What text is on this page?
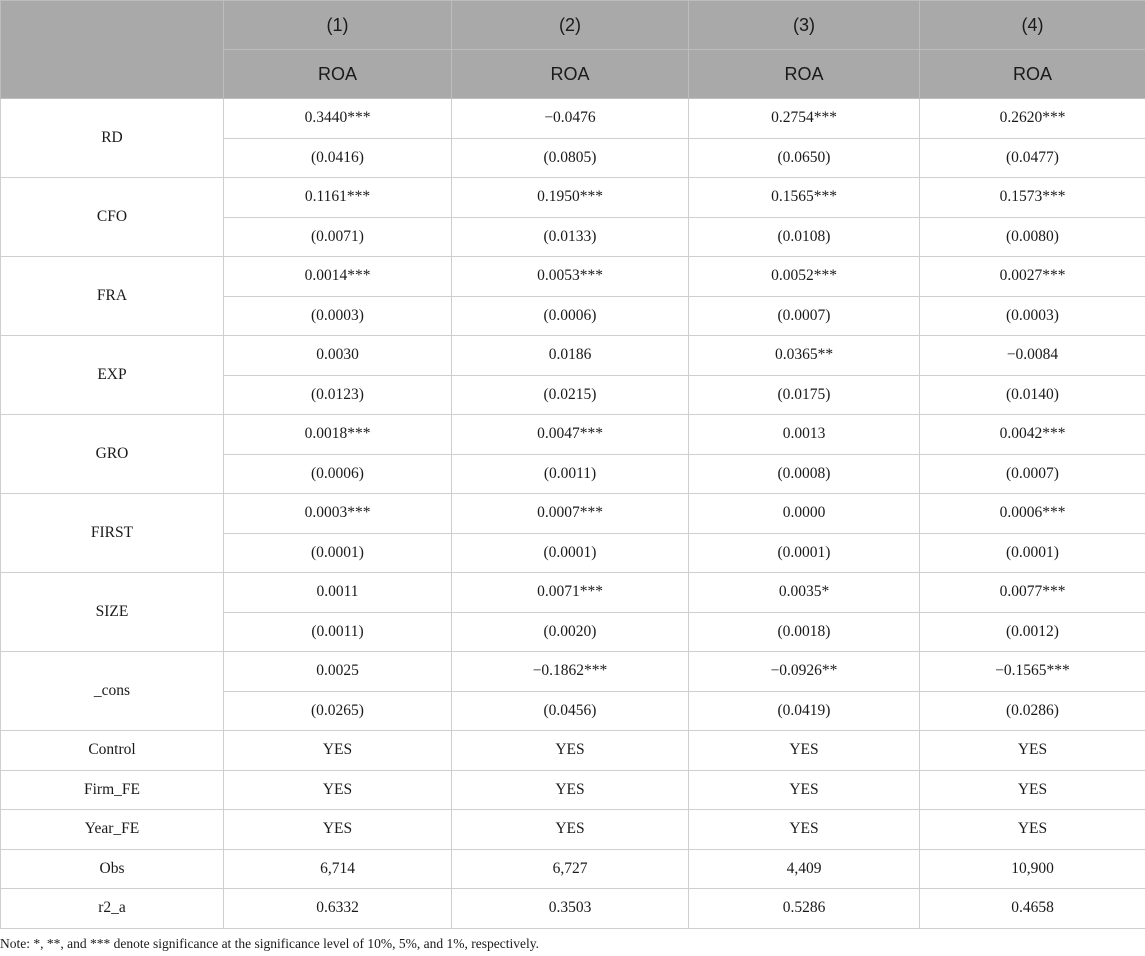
	(1)	(2)	(3)	(4)
	ROA	ROA	ROA	ROA
RD	0.3440***	−0.0476	0.2754***	0.2620***
	(0.0416)	(0.0805)	(0.0650)	(0.0477)
CFO	0.1161***	0.1950***	0.1565***	0.1573***
	(0.0071)	(0.0133)	(0.0108)	(0.0080)
FRA	0.0014***	0.0053***	0.0052***	0.0027***
	(0.0003)	(0.0006)	(0.0007)	(0.0003)
EXP	0.0030	0.0186	0.0365**	−0.0084
	(0.0123)	(0.0215)	(0.0175)	(0.0140)
GRO	0.0018***	0.0047***	0.0013	0.0042***
	(0.0006)	(0.0011)	(0.0008)	(0.0007)
FIRST	0.0003***	0.0007***	0.0000	0.0006***
	(0.0001)	(0.0001)	(0.0001)	(0.0001)
SIZE	0.0011	0.0071***	0.0035*	0.0077***
	(0.0011)	(0.0020)	(0.0018)	(0.0012)
_cons	0.0025	−0.1862***	−0.0926**	−0.1565***
	(0.0265)	(0.0456)	(0.0419)	(0.0286)
Control	YES	YES	YES	YES
Firm_FE	YES	YES	YES	YES
Year_FE	YES	YES	YES	YES
Obs	6,714	6,727	4,409	10,900
r2_a	0.6332	0.3503	0.5286	0.4658
Note: *, **, and *** denote significance at the significance level of 10%, 5%, and 1%, respectively.
